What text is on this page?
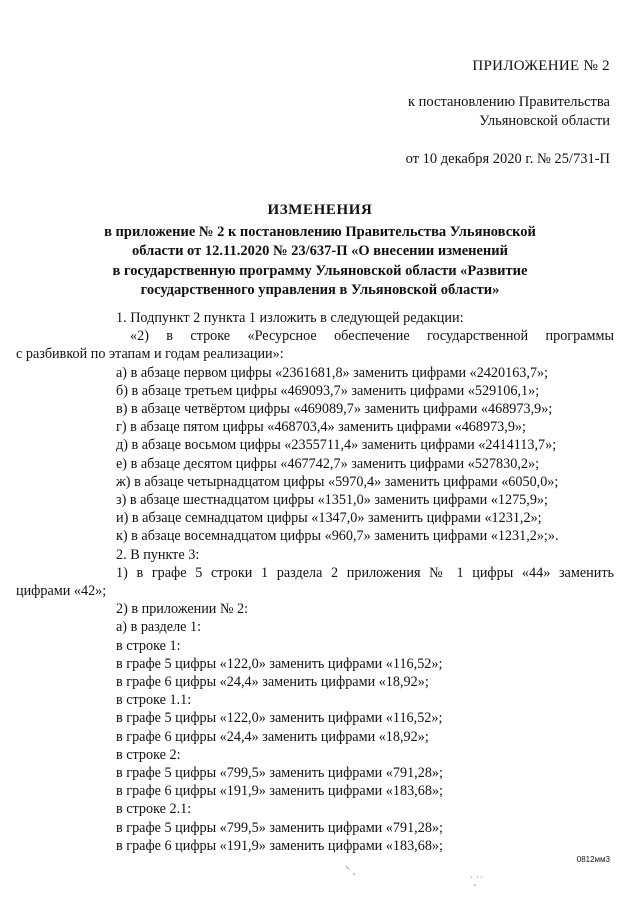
ПРИЛОЖЕНИЕ № 2
к постановлению Правительства
Ульяновской области
от 10 декабря 2020 г. № 25/731-П
ИЗМЕНЕНИЯ
в приложение № 2 к постановлению Правительства Ульяновской
области от 12.11.2020 № 23/637-П «О внесении изменений
в государственную программу Ульяновской области «Развитие
государственного управления в Ульяновской области»

1. Подпункт 2 пункта 1 изложить в следующей редакции:

«2) в строке «Ресурсное обеспечение государственной программы

с разбивкой по этапам и годам реализации»:

а) в абзаце первом цифры «2361681,8» заменить цифрами «2420163,7»;

б) в абзаце третьем цифры «469093,7» заменить цифрами «529106,1»;

в) в абзаце четвёртом цифры «469089,7» заменить цифрами «468973,9»;

г) в абзаце пятом цифры «468703,4» заменить цифрами «468973,9»;

д) в абзаце восьмом цифры «2355711,4» заменить цифрами «2414113,7»;

е) в абзаце десятом цифры «467742,7» заменить цифрами «527830,2»;

ж) в абзаце четырнадцатом цифры «5970,4» заменить цифрами «6050,0»;

з) в абзаце шестнадцатом цифры «1351,0» заменить цифрами «1275,9»;

и) в абзаце семнадцатом цифры «1347,0» заменить цифрами «1231,2»;

к) в абзаце восемнадцатом цифры «960,7» заменить цифрами «1231,2»;».

2. В пункте 3:

1) в графе 5 строки 1 раздела 2 приложения № 1 цифры «44» заменить

цифрами «42»;

2) в приложении № 2:

а) в разделе 1:

в строке 1:

в графе 5 цифры «122,0» заменить цифрами «116,52»;

в графе 6 цифры «24,4» заменить цифрами «18,92»;

в строке 1.1:

в графе 5 цифры «122,0» заменить цифрами «116,52»;

в графе 6 цифры «24,4» заменить цифрами «18,92»;

в строке 2:

в графе 5 цифры «799,5» заменить цифрами «791,28»;

в графе 6 цифры «191,9» заменить цифрами «183,68»;

в строке 2.1:

в графе 5 цифры «799,5» заменить цифрами «791,28»;

в графе 6 цифры «191,9» заменить цифрами «183,68»;

⸌ ˎ
˙ˎ˙˙
0812мм3
